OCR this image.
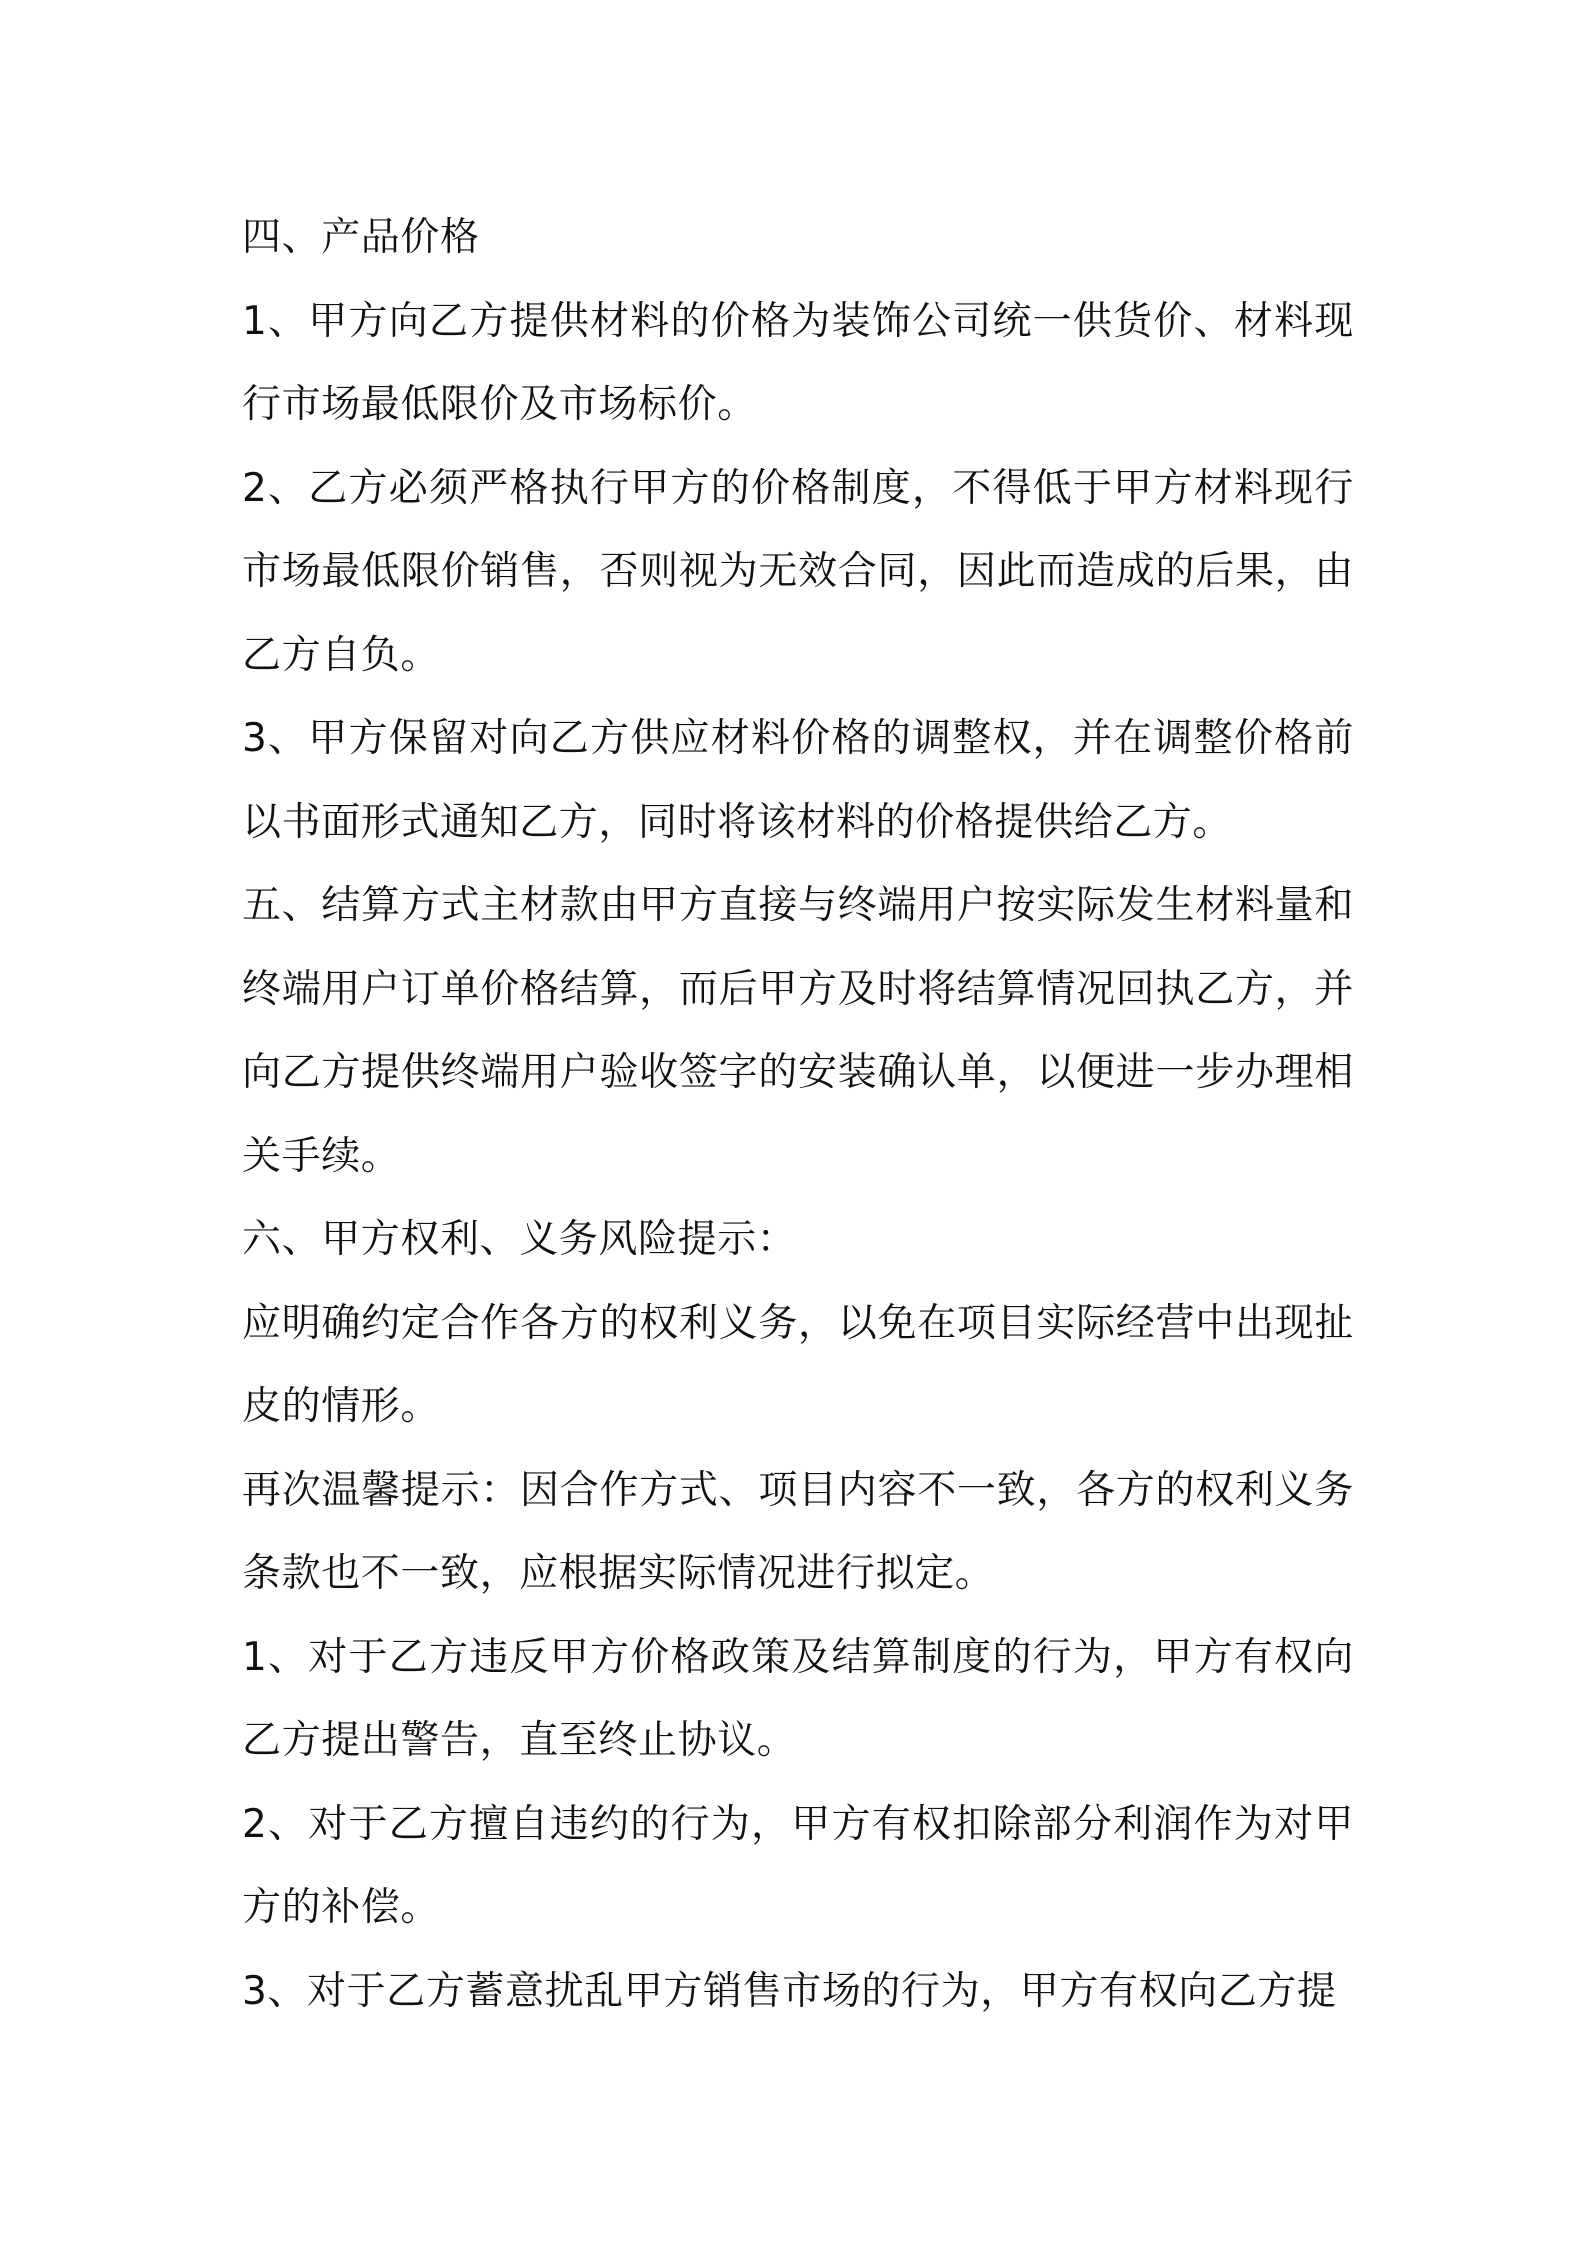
四、产品价格

1、甲方向乙方提供材料的价格为装饰公司统一供货价、材料现行市场最低限价及市场标价。

2、乙方必须严格执行甲方的价格制度，不得低于甲方材料现行市场最低限价销售，否则视为无效合同，因此而造成的后果，由乙方自负。

3、甲方保留对向乙方供应材料价格的调整权，并在调整价格前以书面形式通知乙方，同时将该材料的价格提供给乙方。

五、结算方式主材款由甲方直接与终端用户按实际发生材料量和终端用户订单价格结算，而后甲方及时将结算情况回执乙方，并向乙方提供终端用户验收签字的安装确认单，以便进一步办理相关手续。

六、甲方权利、义务风险提示：

应明确约定合作各方的权利义务，以免在项目实际经营中出现扯皮的情形。

再次温馨提示：因合作方式、项目内容不一致，各方的权利义务条款也不一致，应根据实际情况进行拟定。

1、对于乙方违反甲方价格政策及结算制度的行为，甲方有权向乙方提出警告，直至终止协议。

2、对于乙方擅自违约的行为，甲方有权扣除部分利润作为对甲方的补偿。

3、对于乙方蓄意扰乱甲方销售市场的行为，甲方有权向乙方提
